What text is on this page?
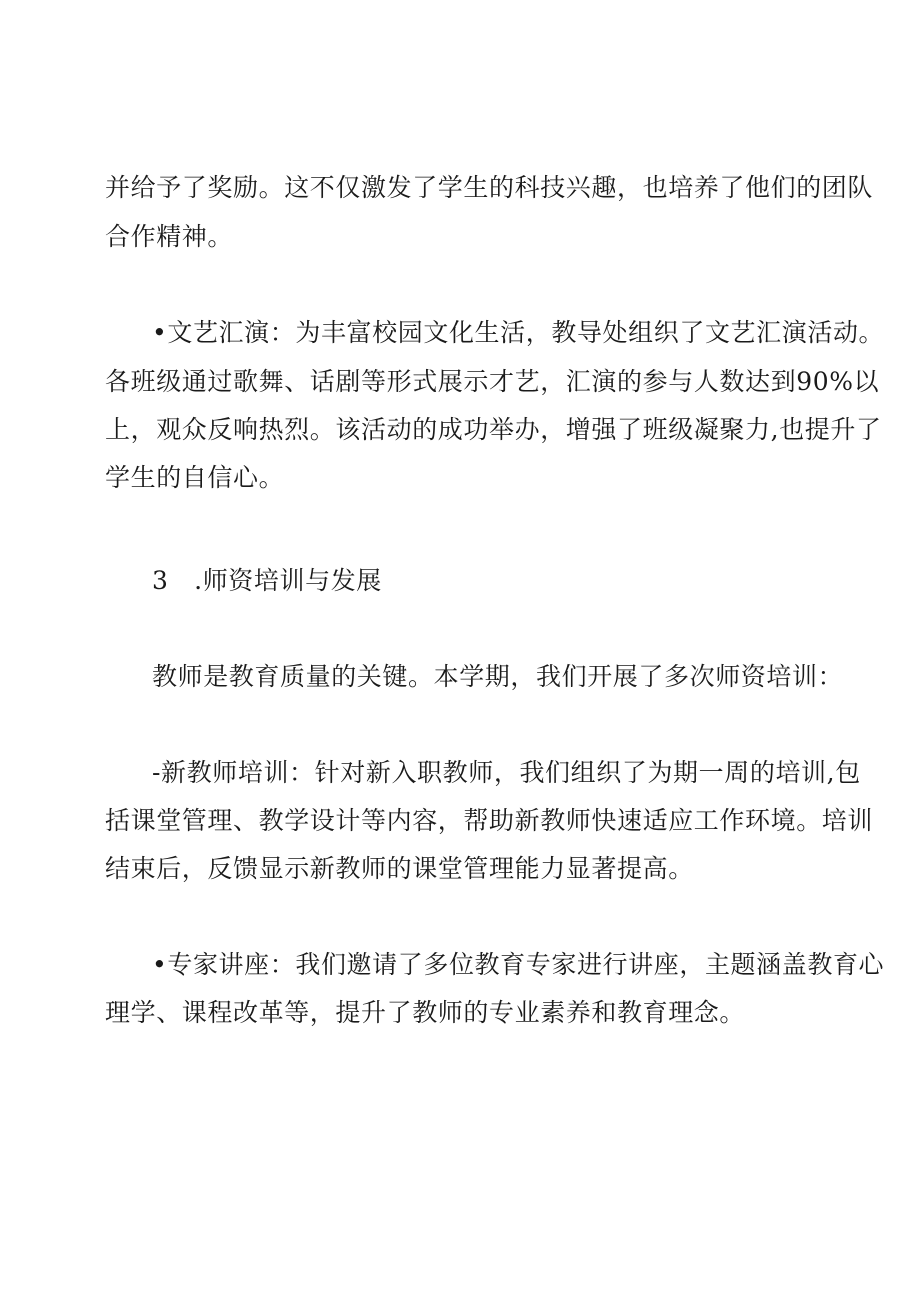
并给予了奖励。这不仅激发了学生的科技兴趣，也培养了他们的团队
合作精神。
•文艺汇演：为丰富校园文化生活，教导处组织了文艺汇演活动。
各班级通过歌舞、话剧等形式展示才艺，汇演的参与人数达到90%以
上，观众反响热烈。该活动的成功举办，增强了班级凝聚力,也提升了
学生的自信心。
3   .师资培训与发展
教师是教育质量的关键。本学期，我们开展了多次师资培训：
-新教师培训：针对新入职教师，我们组织了为期一周的培训,包
括课堂管理、教学设计等内容，帮助新教师快速适应工作环境。培训
结束后，反馈显示新教师的课堂管理能力显著提高。
•专家讲座：我们邀请了多位教育专家进行讲座，主题涵盖教育心
理学、课程改革等，提升了教师的专业素养和教育理念。
